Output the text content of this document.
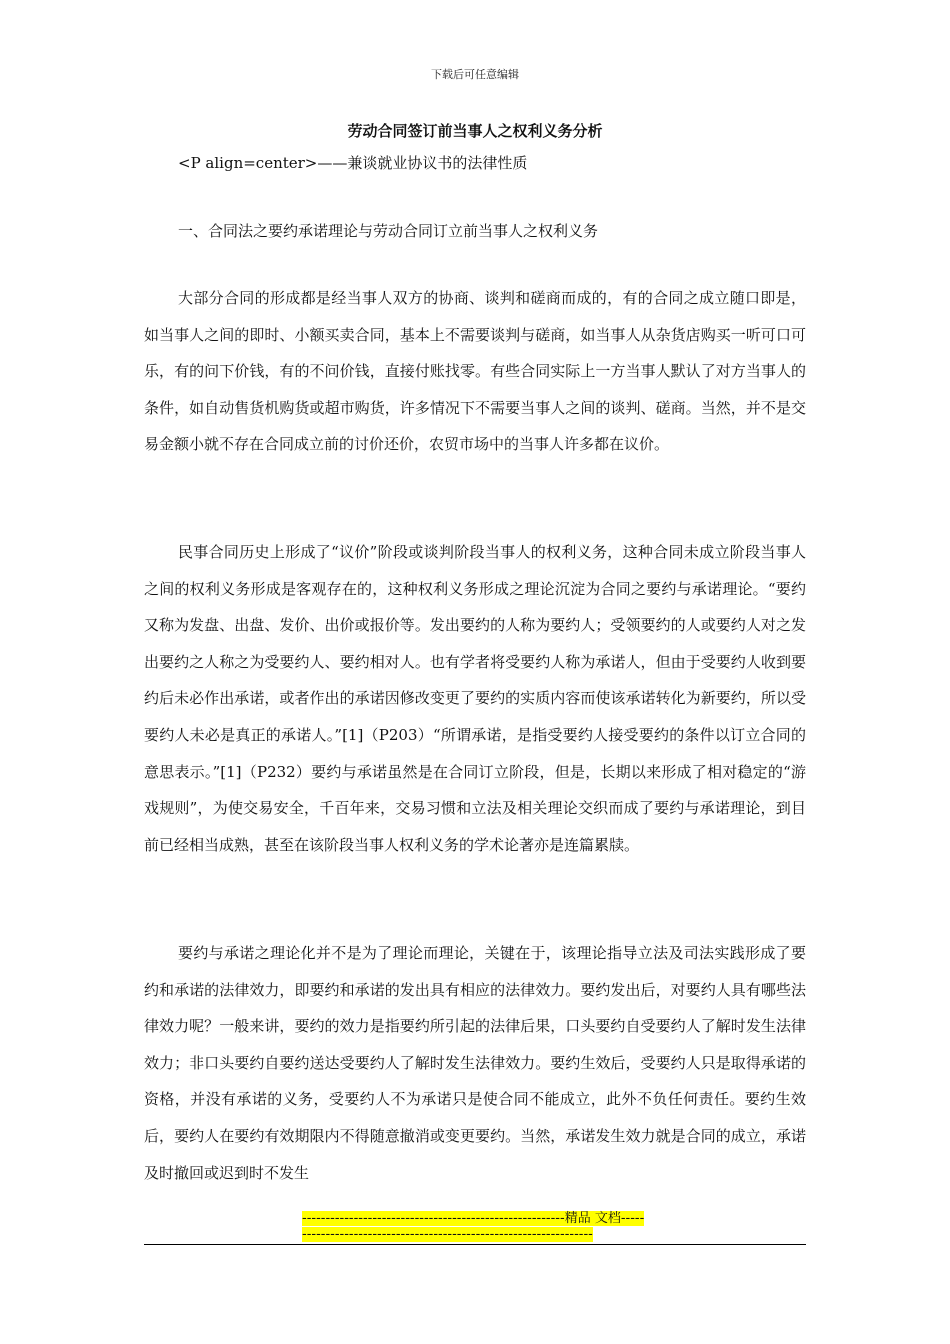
下载后可任意编辑
劳动合同签订前当事人之权利义务分析
<P align=center>——兼谈就业协议书的法律性质
一、合同法之要约承诺理论与劳动合同订立前当事人之权利义务

大部分合同的形成都是经当事人双方的协商、谈判和磋商而成的，有的合同之成立随口即是，如当事人之间的即时、小额买卖合同，基本上不需要谈判与磋商，如当事人从杂货店购买一听可口可乐，有的问下价钱，有的不问价钱，直接付账找零。有些合同实际上一方当事人默认了对方当事人的条件，如自动售货机购货或超市购货，许多情况下不需要当事人之间的谈判、磋商。当然，并不是交易金额小就不存在合同成立前的讨价还价，农贸市场中的当事人许多都在议价。

民事合同历史上形成了“议价”阶段或谈判阶段当事人的权利义务，这种合同未成立阶段当事人之间的权利义务形成是客观存在的，这种权利义务形成之理论沉淀为合同之要约与承诺理论。“要约又称为发盘、出盘、发价、出价或报价等。发出要约的人称为要约人；受领要约的人或要约人对之发出要约之人称之为受要约人、要约相对人。也有学者将受要约人称为承诺人，但由于受要约人收到要约后未必作出承诺，或者作出的承诺因修改变更了要约的实质内容而使该承诺转化为新要约，所以受要约人未必是真正的承诺人。”[1]（P203）“所谓承诺，是指受要约人接受要约的条件以订立合同的意思表示。”[1]（P232）要约与承诺虽然是在合同订立阶段，但是，长期以来形成了相对稳定的“游戏规则”，为使交易安全，千百年来，交易习惯和立法及相关理论交织而成了要约与承诺理论，到目前已经相当成熟，甚至在该阶段当事人权利义务的学术论著亦是连篇累牍。

要约与承诺之理论化并不是为了理论而理论，关键在于，该理论指导立法及司法实践形成了要约和承诺的法律效力，即要约和承诺的发出具有相应的法律效力。要约发出后，对要约人具有哪些法律效力呢？一般来讲，要约的效力是指要约所引起的法律后果，口头要约自受要约人了解时发生法律效力；非口头要约自要约送达受要约人了解时发生法律效力。要约生效后，受要约人只是取得承诺的资格，并没有承诺的义务，受要约人不为承诺只是使合同不能成立，此外不负任何责任。要约生效后，要约人在要约有效期限内不得随意撤消或变更要约。当然，承诺发生效力就是合同的成立，承诺及时撤回或迟到时不发生

--------------------------------------------------------精品 文档-------------------------------------------------------------------
